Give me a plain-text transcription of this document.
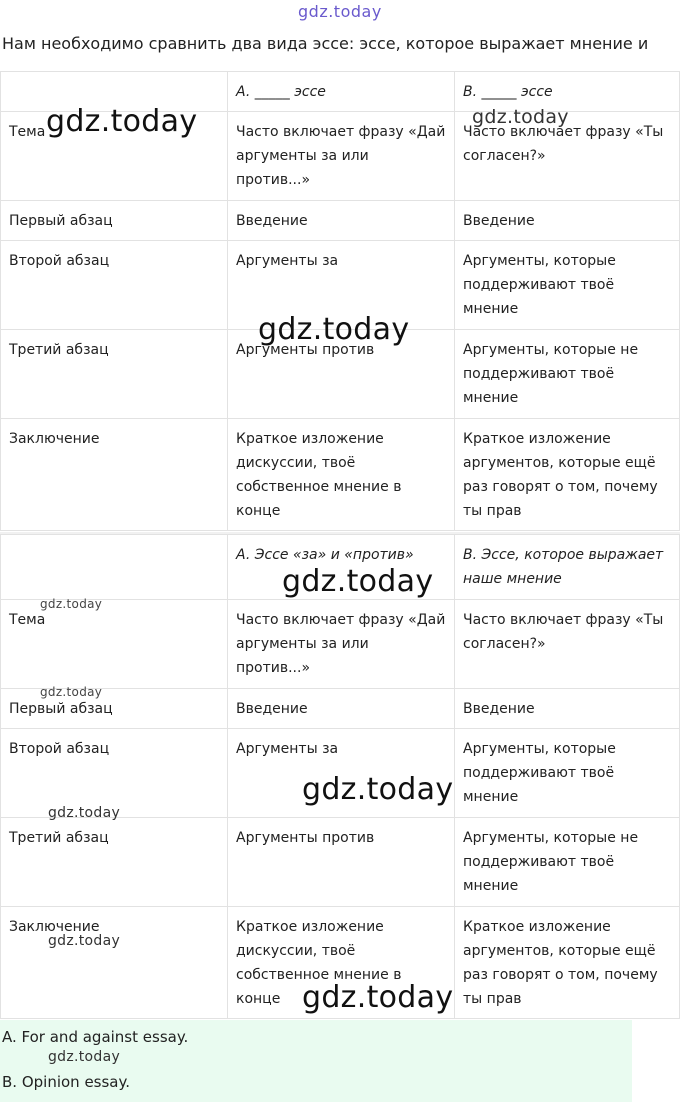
gdz.today
Нам необходимо сравнить два вида эссе: эссе, которое выражает мнение и
	A. _____ эссе	B. _____ эссе
Тема	Часто включает фразу «Дай аргументы за или против...»	Часто включает фразу «Ты согласен?»
Первый абзац	Введение	Введение
Второй абзац	Аргументы за	Аргументы, которые поддерживают твоё мнение
Третий абзац	Аргументы против	Аргументы, которые не поддерживают твоё мнение
Заключение	Краткое изложение дискуссии, твоё собственное мнение в конце	Краткое изложение аргументов, которые ещё раз говорят о том, почему ты прав
	A. Эссе «за» и «против»	B. Эссе, которое выражает наше мнение
Тема	Часто включает фразу «Дай аргументы за или против...»	Часто включает фразу «Ты согласен?»
Первый абзац	Введение	Введение
Второй абзац	Аргументы за	Аргументы, которые поддерживают твоё мнение
Третий абзац	Аргументы против	Аргументы, которые не поддерживают твоё мнение
Заключение	Краткое изложение дискуссии, твоё собственное мнение в конце	Краткое изложение аргументов, которые ещё раз говорят о том, почему ты прав
A. For and against essay.
B. Opinion essay.
gdz.today	gdz.today
gdz.today
gdz.today
gdz.today
gdz.today
gdz.today
gdz.today
gdz.today
gdz.today
gdz.today
